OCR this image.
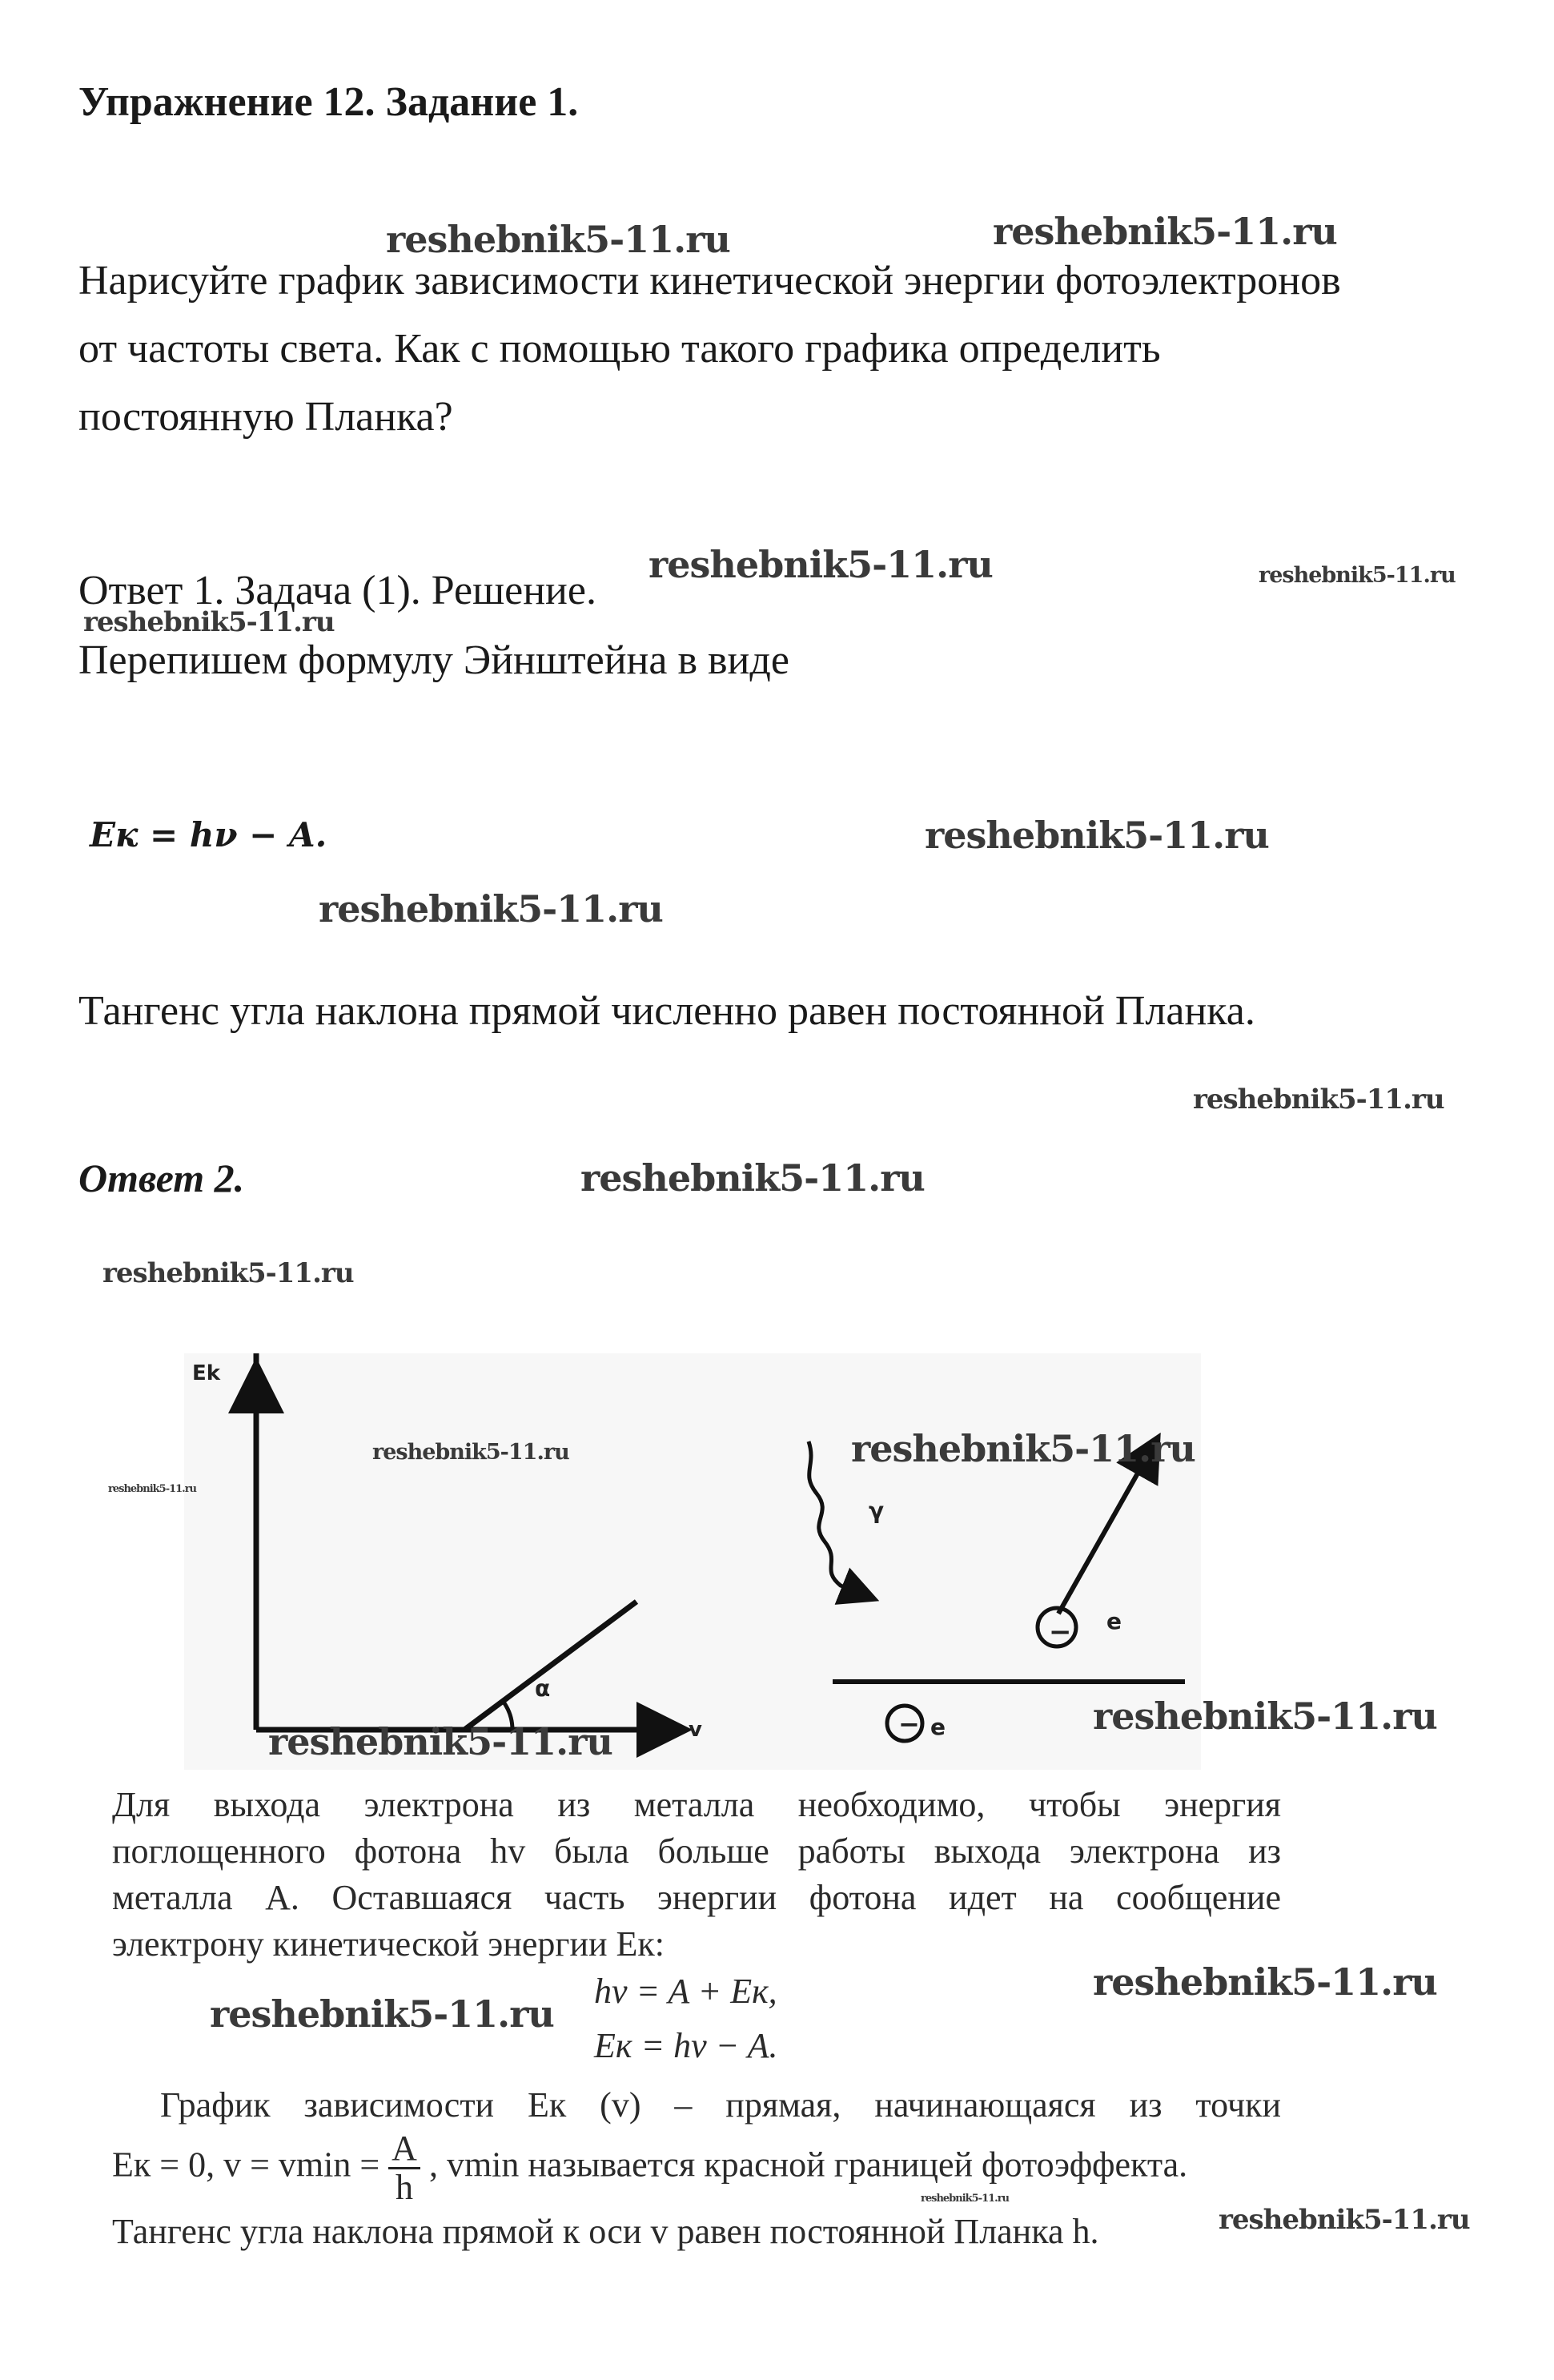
Упражнение 12. Задание 1.
reshebnik5-11.ru	reshebnik5-11.ru
Нарисуйте график зависимости кинетической энергии фотоэлектронов
от частоты света. Как с помощью такого графика определить
постоянную Планка?
Ответ 1. Задача (1). Решение.
reshebnik5-11.ru	reshebnik5-11.ru
reshebnik5-11.ru
Перепишем формулу Эйнштейна в виде
Eк = hν − A.	reshebnik5-11.ru
reshebnik5-11.ru
Тангенс угла наклона прямой численно равен постоянной Планка.
reshebnik5-11.ru
Ответ 2.	reshebnik5-11.ru
reshebnik5-11.ru
Ek
v
α
γ
e
−
− e
reshebnik5-11.ru
reshebnik5-11.ru
reshebnik5-11.ru
reshebnik5-11.ru
reshebnik5-11.ru
Для выхода электрона из металла необходимо, чтобы энергия
поглощенного фотона hv была больше работы выхода электрона из
металла A. Оставшаяся часть энергии фотона идет на сообщение
электрону кинетической энергии Eк:
hv = A + Eк,
Eк = hv − A.
reshebnik5-11.ru
reshebnik5-11.ru
График зависимости Eк (v) – прямая, начинающаяся из точки
Eк = 0, $v = vmin = \frac{A}{h}$ , vmin называется красной границей фотоэффекта.
Тангенс угла наклона прямой к оси v равен постоянной Планка h.
reshebnik5-11.ru
reshebnik5-11.ru
